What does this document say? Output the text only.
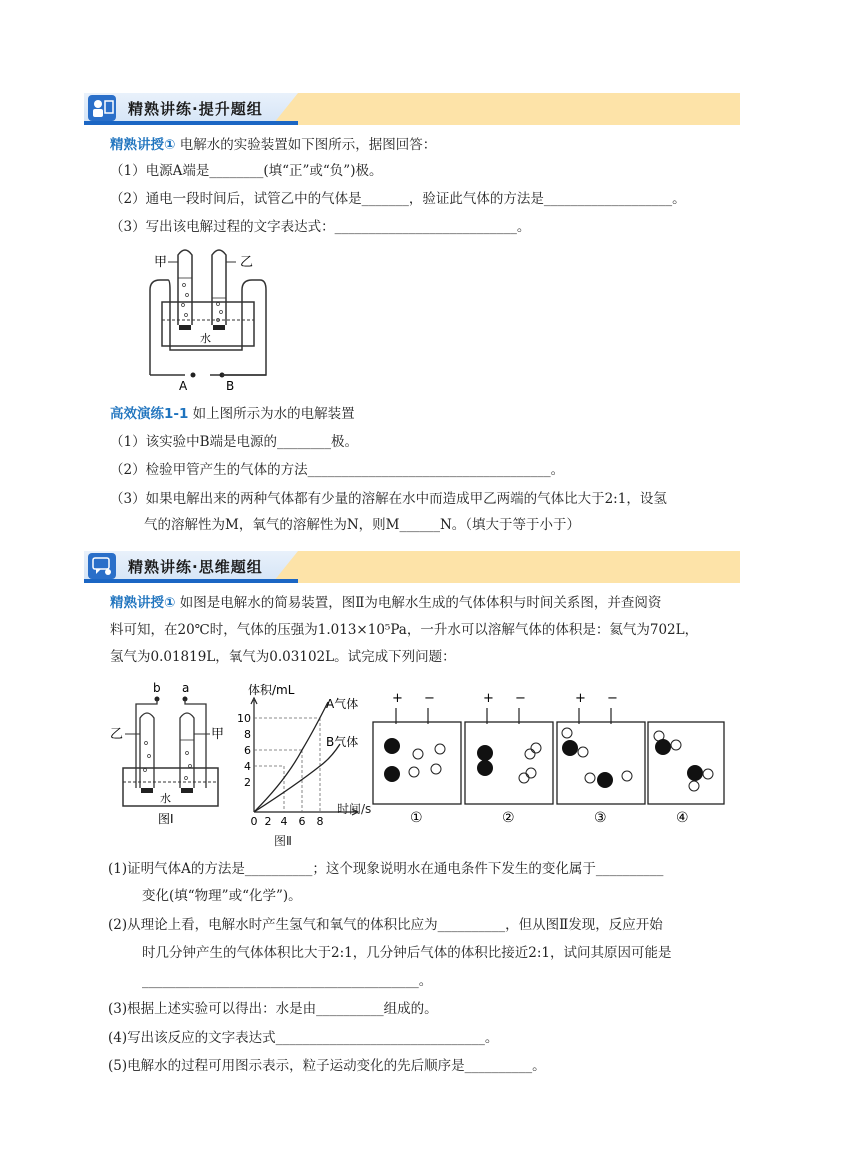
精熟讲练·提升题组
精熟讲授① 电解水的实验装置如下图所示，据图回答：
（1）电源A端是________(填“正”或“负”)极。
（2）通电一段时间后，试管乙中的气体是_______，验证此气体的方法是___________________。
（3）写出该电解过程的文字表达式：___________________________。
甲	乙
水
A	B
高效演练1-1 如上图所示为水的电解装置
（1）该实验中B端是电源的________极。
（2）检验甲管产生的气体的方法____________________________________。
（3）如果电解出来的两种气体都有少量的溶解在水中而造成甲乙两端的气体比大于2:1，设氢
气的溶解性为M，氧气的溶解性为N，则M______N。（填大于等于小于）
精熟讲练·思维题组
精熟讲授① 如图是电解水的简易装置，图Ⅱ为电解水生成的气体体积与时间关系图，并查阅资
料可知，在20℃时，气体的压强为1.013×10⁵Pa，一升水可以溶解气体的体积是：氦气为702L，
氢气为0.01819L，氧气为0.03102L。试完成下列问题：
b a
乙	甲
水
图Ⅰ
体积/mL
10
8
6
4
2
0 2 4 6 8
A气体
B气体
图Ⅱ
时间/s
+ −
①
+ −
②
+ −
③	④
(1)证明气体A的方法是__________；这个现象说明水在通电条件下发生的变化属于__________
变化(填“物理”或“化学”)。
(2)从理论上看，电解水时产生氢气和氧气的体积比应为__________，但从图Ⅱ发现，反应开始
时几分钟产生的气体体积比大于2:1，几分钟后气体的体积比接近2:1，试问其原因可能是
_________________________________________。
(3)根据上述实验可以得出：水是由__________组成的。
(4)写出该反应的文字表达式_______________________________。
(5)电解水的过程可用图示表示，粒子运动变化的先后顺序是__________。
